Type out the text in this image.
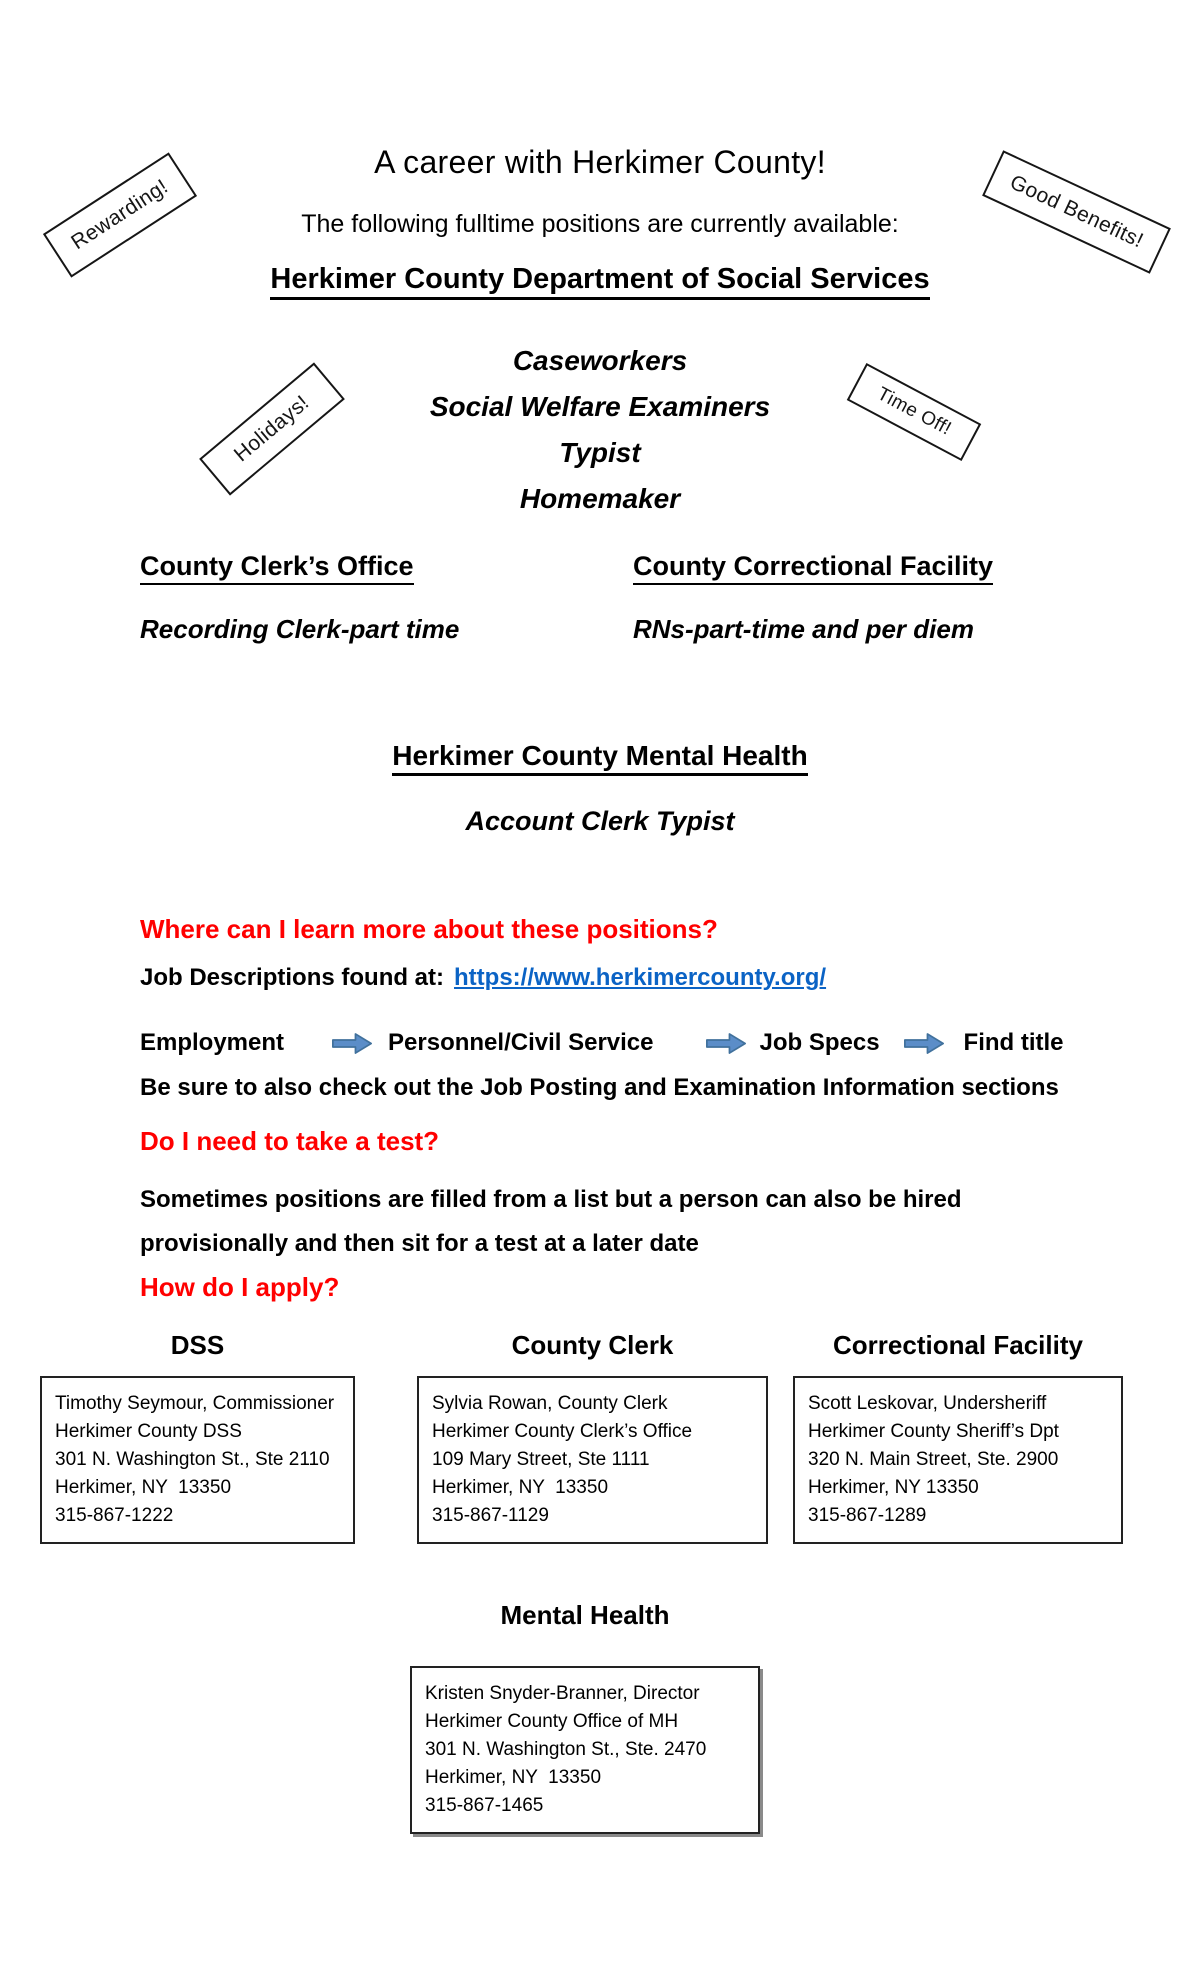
Rewarding!	Good Benefits!
Holidays!	Time Off!
A career with Herkimer County!
The following fulltime positions are currently available:
Herkimer County Department of Social Services
Caseworkers
Social Welfare Examiners
Typist
Homemaker
County Clerk’s Office	County Correctional Facility
Recording Clerk-part time	RNs-part-time and per diem
Herkimer County Mental Health
Account Clerk Typist
Where can I learn more about these positions?
Job Descriptions found at: https://www.herkimercounty.org/
Employment	Personnel/Civil Service	Job Specs	Find title
Be sure to also check out the Job Posting and Examination Information sections
Do I need to take a test?
Sometimes positions are filled from a list but a person can also be hired
provisionally and then sit for a test at a later date
How do I apply?
DSS	County Clerk	Correctional Facility
Timothy Seymour, Commissioner
Herkimer County DSS
301 N. Washington St., Ste 2110
Herkimer, NY  13350
315-867-1222
Sylvia Rowan, County Clerk
Herkimer County Clerk’s Office
109 Mary Street, Ste 1111
Herkimer, NY  13350
315-867-1129
Scott Leskovar, Undersheriff
Herkimer County Sheriff’s Dpt
320 N. Main Street, Ste. 2900
Herkimer, NY 13350
315-867-1289
Mental Health
Kristen Snyder-Branner, Director
Herkimer County Office of MH
301 N. Washington St., Ste. 2470
Herkimer, NY  13350
315-867-1465
